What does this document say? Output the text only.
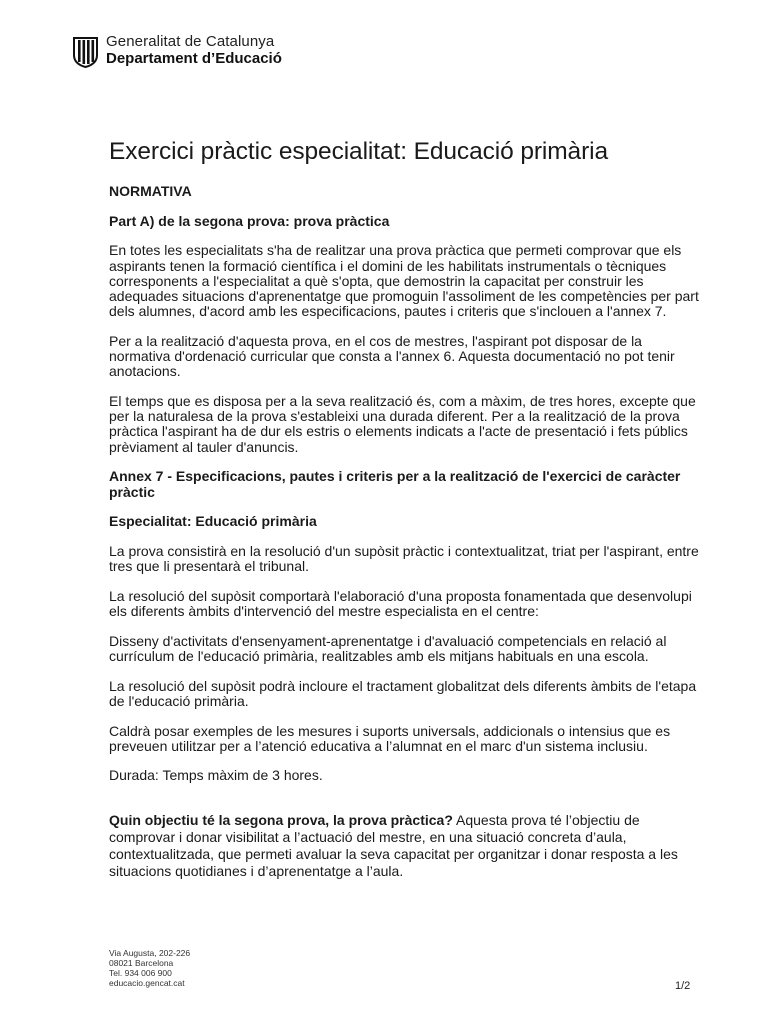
Generalitat de Catalunya
Departament d’Educació
Exercici pràctic especialitat: Educació primària

NORMATIVA

Part A) de la segona prova: prova pràctica

En totes les especialitats s'ha de realitzar una prova pràctica que permeti comprovar que els aspirants tenen la formació científica i el domini de les habilitats instrumentals o tècniques corresponents a l'especialitat a què s'opta, que demostrin la capacitat per construir les adequades situacions d'aprenentatge que promoguin l'assoliment de les competències per part dels alumnes, d'acord amb les especificacions, pautes i criteris que s'inclouen a l'annex 7.

Per a la realització d'aquesta prova, en el cos de mestres, l'aspirant pot disposar de la normativa d'ordenació curricular que consta a l'annex 6. Aquesta documentació no pot tenir anotacions.

El temps que es disposa per a la seva realització és, com a màxim, de tres hores, excepte que per la naturalesa de la prova s'estableixi una durada diferent. Per a la realització de la prova pràctica l'aspirant ha de dur els estris o elements indicats a l'acte de presentació i fets públics prèviament al tauler d'anuncis.

Annex 7 - Especificacions, pautes i criteris per a la realització de l'exercici de caràcter pràctic

Especialitat: Educació primària

La prova consistirà en la resolució d'un supòsit pràctic i contextualitzat, triat per l'aspirant, entre tres que li presentarà el tribunal.

La resolució del supòsit comportarà l'elaboració d'una proposta fonamentada que desenvolupi els diferents àmbits d'intervenció del mestre especialista en el centre:

Disseny d'activitats d'ensenyament-aprenentatge i d'avaluació competencials en relació al currículum de l'educació primària, realitzables amb els mitjans habituals en una escola.

La resolució del supòsit podrà incloure el tractament globalitzat dels diferents àmbits de l'etapa de l'educació primària.

Caldrà posar exemples de les mesures i suports universals, addicionals o intensius que es preveuen utilitzar per a l’atenció educativa a l’alumnat en el marc d'un sistema inclusiu.

Durada: Temps màxim de 3 hores.

Quin objectiu té la segona prova, la prova pràctica? Aquesta prova té l’objectiu de comprovar i donar visibilitat a l’actuació del mestre, en una situació concreta d’aula, contextualitzada, que permeti avaluar la seva capacitat per organitzar i donar resposta a les situacions quotidianes i d’aprenentatge a l’aula.

Via Augusta, 202-226
08021 Barcelona
Tel. 934 006 900
educacio.gencat.cat	1/2
